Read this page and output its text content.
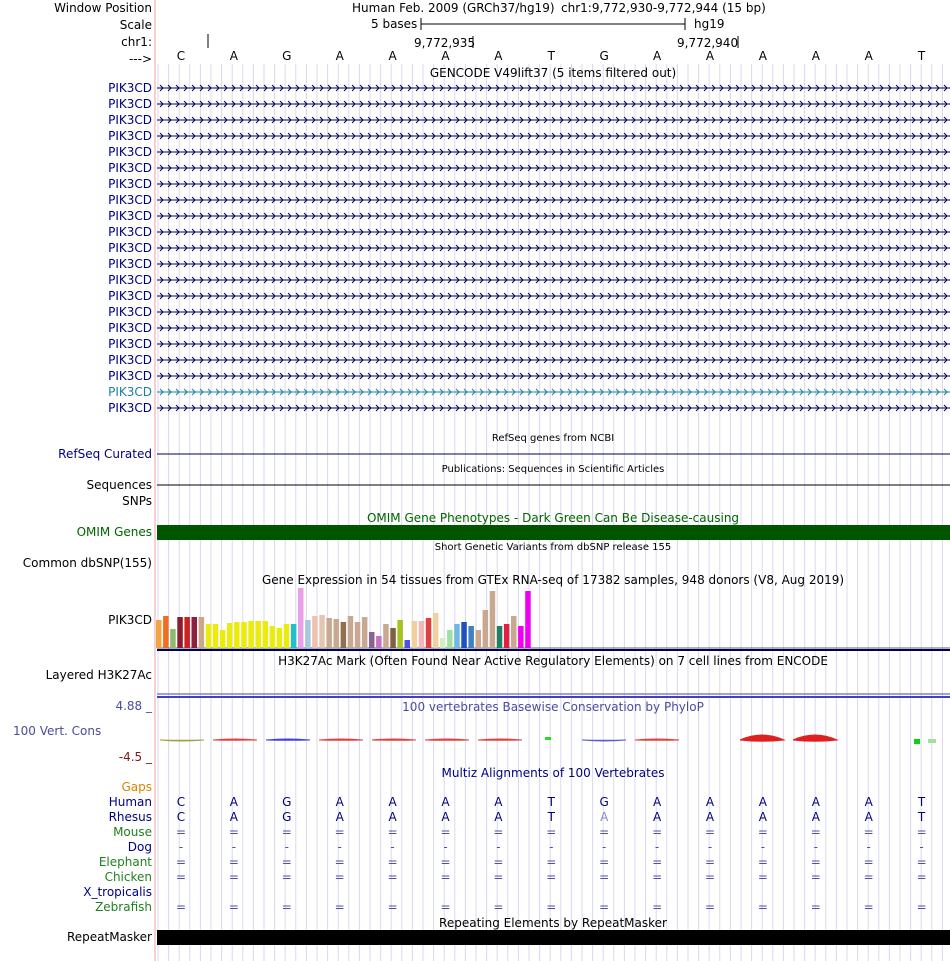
Window Position
Scale
chr1:
--->
Human Feb. 2009 (GRCh37/hg19) chr1:9,772,930-9,772,944 (15 bp)
5 bases	hg19
9,772,935	9,772,940
C	A	G	A	A	A	A	T	G	A	A	A	A	A	T
GENCODE V49lift37 (5 items filtered out)
PIK3CD
PIK3CD
PIK3CD
PIK3CD
PIK3CD
PIK3CD
PIK3CD
PIK3CD
PIK3CD
PIK3CD
PIK3CD
PIK3CD
PIK3CD
PIK3CD
PIK3CD
PIK3CD
PIK3CD
PIK3CD
PIK3CD
PIK3CD
PIK3CD
RefSeq genes from NCBI
RefSeq Curated
Publications: Sequences in Scientific Articles
Sequences
SNPs
OMIM Gene Phenotypes - Dark Green Can Be Disease-causing
OMIM Genes
Short Genetic Variants from dbSNP release 155
Common dbSNP(155)
Gene Expression in 54 tissues from GTEx RNA-seq of 17382 samples, 948 donors (V8, Aug 2019)
PIK3CD
H3K27Ac Mark (Often Found Near Active Regulatory Elements) on 7 cell lines from ENCODE
Layered H3K27Ac
100 vertebrates Basewise Conservation by PhyloP
4.88 _
100 Vert. Cons
-4.5 _
Multiz Alignments of 100 Vertebrates
Gaps
Human	C	A	G	A	A	A	A	T	G	A	A	A	A	A	T
Rhesus	C	A	G	A	A	A	A	T	A	A	A	A	A	A	T
Mouse	=	=	=	=	=	=	=	=	=	=	=	=	=	=	=
Dog	-	-	-	-	-	-	-	-	-	-	-	-	-	-	-
Elephant	=	=	=	=	=	=	=	=	=	=	=	=	=	=	=
Chicken	=	=	=	=	=	=	=	=	=	=	=	=	=	=	=
X_tropicalis
Zebrafish	=	=	=	=	=	=	=	=	=	=	=	=	=	=	=
Repeating Elements by RepeatMasker
RepeatMasker
